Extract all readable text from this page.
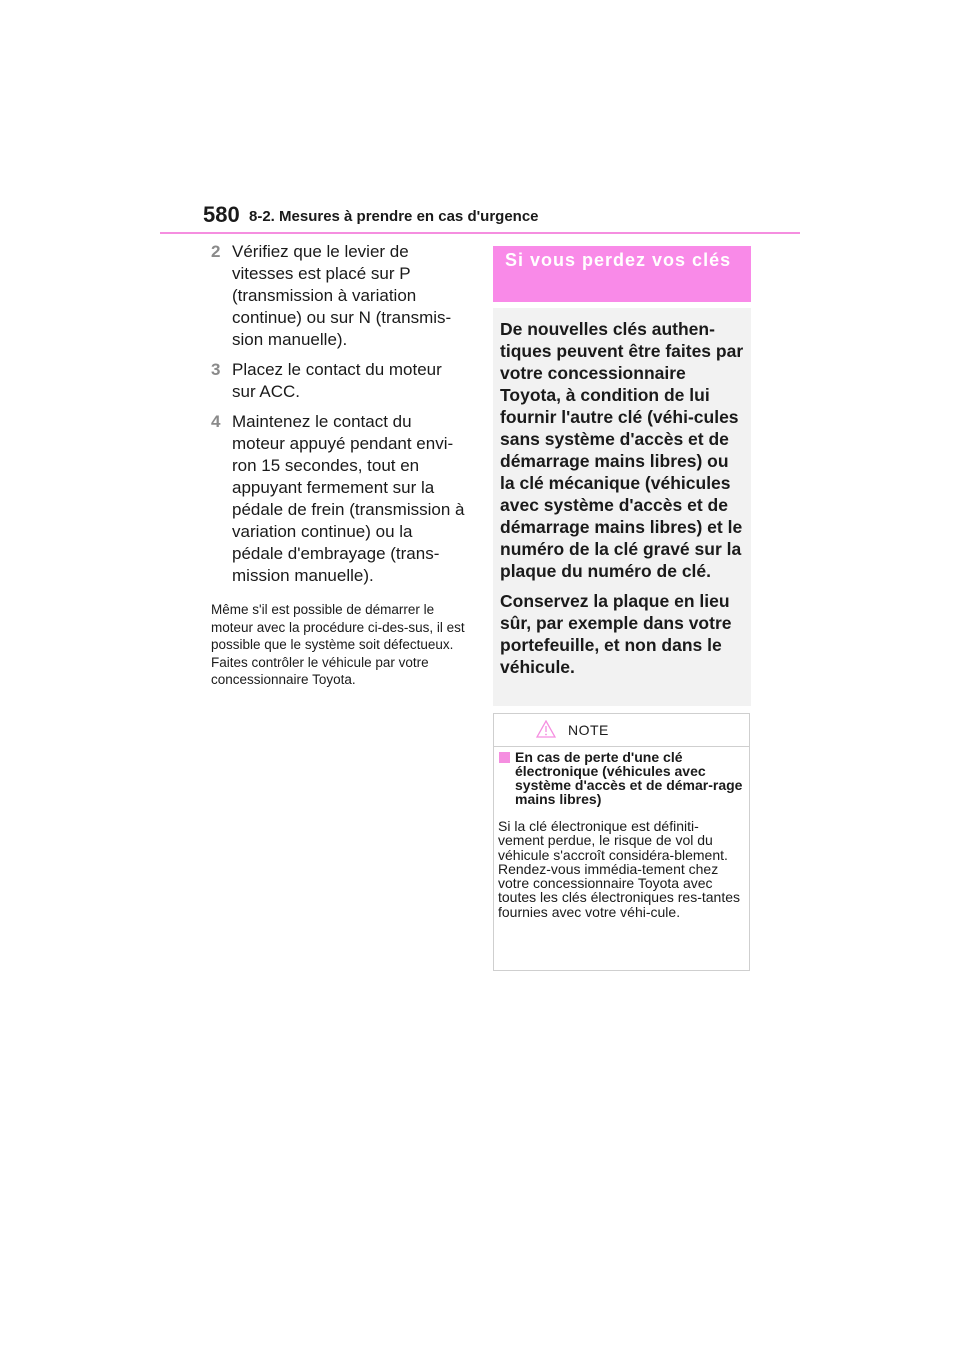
580 8-2. Mesures à prendre en cas d'urgence
2 Vérifiez que le levier de vitesses est placé sur P (transmission à variation continue) ou sur N (transmis-sion manuelle).
3 Placez le contact du moteur sur ACC.
4 Maintenez le contact du moteur appuyé pendant envi-ron 15 secondes, tout en appuyant fermement sur la pédale de frein (transmission à variation continue) ou la pédale d'embrayage (trans-mission manuelle).
Même s'il est possible de démarrer le moteur avec la procédure ci-des-sus, il est possible que le système soit défectueux. Faites contrôler le véhicule par votre concessionnaire Toyota.
Si vous perdez vos clés

De nouvelles clés authen-tiques peuvent être faites par votre concessionnaire Toyota, à condition de lui fournir l'autre clé (véhi-cules sans système d'accès et de démarrage mains libres) ou la clé mécanique (véhicules avec système d'accès et de démarrage mains libres) et le numéro de la clé gravé sur la plaque du numéro de clé.

Conservez la plaque en lieu sûr, par exemple dans votre portefeuille, et non dans le véhicule.

NOTE
En cas de perte d'une clé électronique (véhicules avec système d'accès et de démar-rage mains libres)
Si la clé électronique est définiti-vement perdue, le risque de vol du véhicule s'accroît considéra-blement. Rendez-vous immédia-tement chez votre concessionnaire Toyota avec toutes les clés électroniques res-tantes fournies avec votre véhi-cule.
